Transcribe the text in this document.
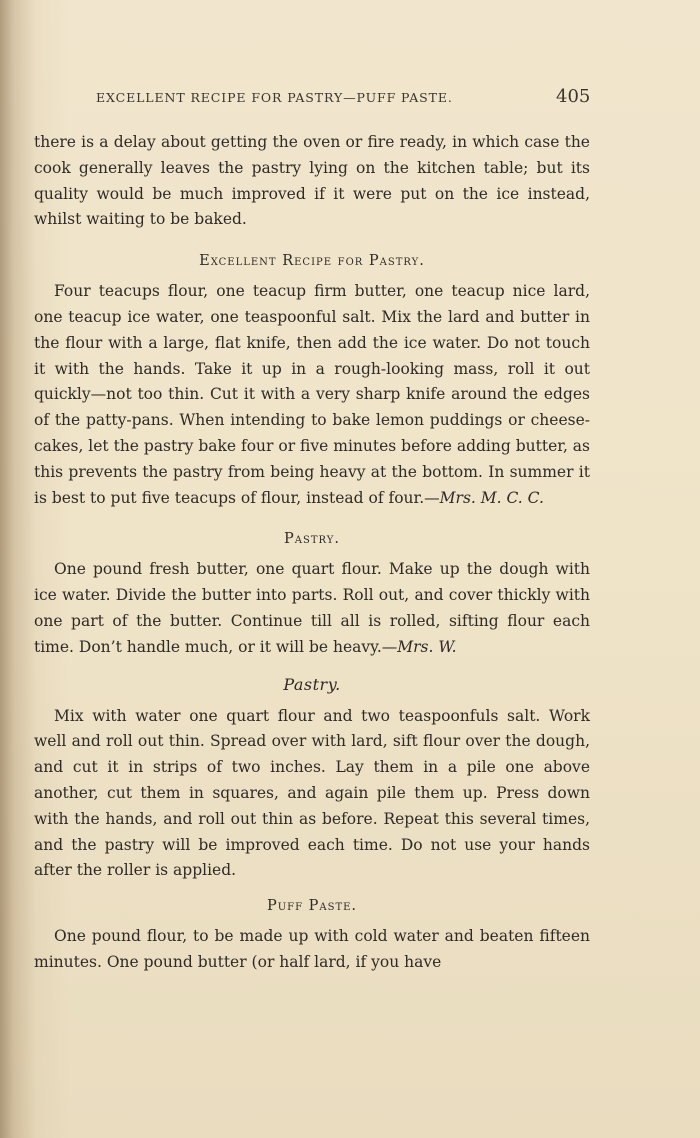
EXCELLENT RECIPE FOR PASTRY—PUFF PASTE.	405

there is a delay about getting the oven or fire ready, in which case the cook generally leaves the pastry lying on the kitchen table; but its quality would be much improved if it were put on the ice instead, whilst waiting to be baked.

Excellent Recipe for Pastry.

Four teacups flour, one teacup firm butter, one teacup nice lard, one teacup ice water, one teaspoonful salt. Mix the lard and butter in the flour with a large, flat knife, then add the ice water. Do not touch it with the hands. Take it up in a rough-looking mass, roll it out quickly—not too thin. Cut it with a very sharp knife around the edges of the patty-pans. When intending to bake lemon puddings or cheese-cakes, let the pastry bake four or five minutes before adding butter, as this prevents the pastry from being heavy at the bottom. In summer it is best to put five teacups of flour, instead of four.—Mrs. M. C. C.

Pastry.

One pound fresh butter, one quart flour. Make up the dough with ice water. Divide the butter into parts. Roll out, and cover thickly with one part of the butter. Continue till all is rolled, sifting flour each time. Don’t handle much, or it will be heavy.—Mrs. W.

Pastry.

Mix with water one quart flour and two teaspoonfuls salt. Work well and roll out thin. Spread over with lard, sift flour over the dough, and cut it in strips of two inches. Lay them in a pile one above another, cut them in squares, and again pile them up. Press down with the hands, and roll out thin as before. Repeat this several times, and the pastry will be improved each time. Do not use your hands after the roller is applied.

Puff Paste.

One pound flour, to be made up with cold water and beaten fifteen minutes. One pound butter (or half lard, if you have
